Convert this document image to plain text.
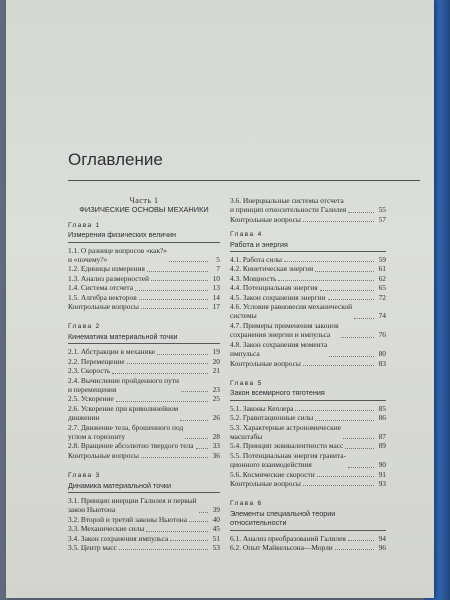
Оглавление
Часть 1
ФИЗИЧЕСКИЕ ОСНОВЫ МЕХАНИКИ
Глава 1
Измерения физических величин
1.1. О разнице вопросов «как?»
и «почему?»	5
1.2. Единицы измерения	7
1.3. Анализ размерностей	10
1.4. Система отсчета	13
1.5. Алгебра векторов	14
Контрольные вопросы	17
Глава 2
Кинематика материальной точки
2.1. Абстракции в механике	19
2.2. Перемещение	20
2.3. Скорость	21
2.4. Вычисление пройденного пути
и перемещения	23
2.5. Ускорение	25
2.6. Ускорение при криволинейном
движении	26
2.7. Движение тела, брошенного под
углом к горизонту	28
2.8. Вращение абсолютно твердого тела	33
Контрольные вопросы	36
Глава 3
Динамика материальной точки
3.1. Принцип инерции Галилея и первый
закон Ньютона	39
3.2. Второй и третий законы Ньютона	40
3.3. Механические силы	45
3.4. Закон сохранения импульса	51
3.5. Центр масс	53
3.6. Инерциальные системы отсчета
и принцип относительности Галилея	55
Контрольные вопросы	57
Глава 4
Работа и энергия
4.1. Работа силы	59
4.2. Кинетическая энергия	61
4.3. Мощность	62
4.4. Потенциальная энергия	65
4.5. Закон сохранения энергии	72
4.6. Условия равновесия механической
системы	74
4.7. Примеры применения законов
сохранения энергии и импульса	76
4.8. Закон сохранения момента
импульса	80
Контрольные вопросы	83
Глава 5
Закон всемирного тяготения
5.1. Законы Кеплера	85
5.2. Гравитационные силы	86
5.3. Характерные астрономические
масштабы	87
5.4. Принцип эквивалентности масс	89
5.5. Потенциальная энергия гравита-
ционного взаимодействия	90
5.6. Космические скорости	91
Контрольные вопросы	93
Глава 6
Элементы специальной теории
относительности
6.1. Анализ преобразований Галилея	94
6.2. Опыт Майкельсона—Морли	96
